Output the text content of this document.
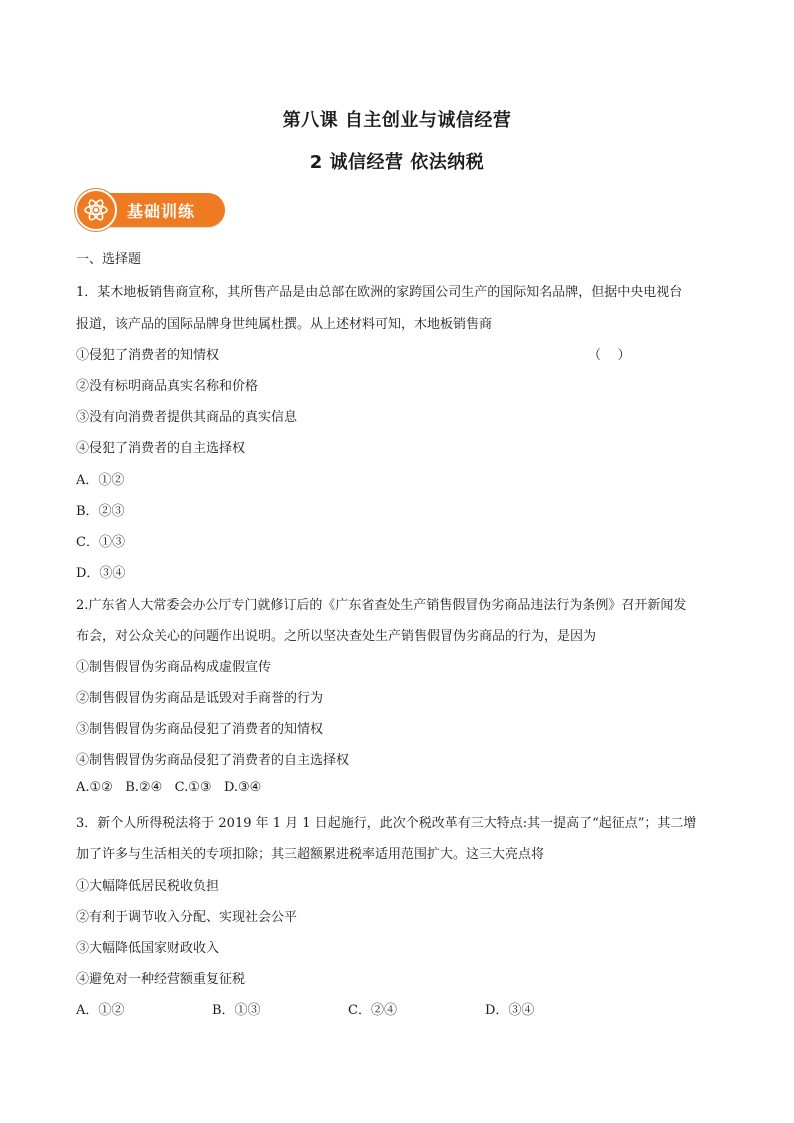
第八课 自主创业与诚信经营
2 诚信经营 依法纳税
基础训练
一、选择题
1．某木地板销售商宣称，其所售产品是由总部在欧洲的家跨国公司生产的国际知名品牌，但据中央电视台
报道，该产品的国际品牌身世纯属杜撰。从上述材料可知，木地板销售商
①侵犯了消费者的知情权	（    ）
②没有标明商品真实名称和价格
③没有向消费者提供其商品的真实信息
④侵犯了消费者的自主选择权
A．①②
B．②③
C．①③
D．③④
2.广东省人大常委会办公厅专门就修订后的《广东省查处生产销售假冒伪劣商品违法行为条例》召开新闻发
布会，对公众关心的问题作出说明。之所以坚决查处生产销售假冒伪劣商品的行为，是因为
①制售假冒伪劣商品构成虚假宣传
②制售假冒伪劣商品是诋毁对手商誉的行为
③制售假冒伪劣商品侵犯了消费者的知情权
④制售假冒伪劣商品侵犯了消费者的自主选择权
A.①②   B.②④   C.①③   D.③④
3．新个人所得税法将于 2019 年 1 月 1 日起施行，此次个税改革有三大特点:其一提高了“起征点”；其二增
加了许多与生活相关的专项扣除；其三超额累进税率适用范围扩大。这三大亮点将
①大幅降低居民税收负担
②有利于调节收入分配、实现社会公平
③大幅降低国家财政收入
④避免对一种经营额重复征税
A．①②	B．①③	C．②④	D．③④
